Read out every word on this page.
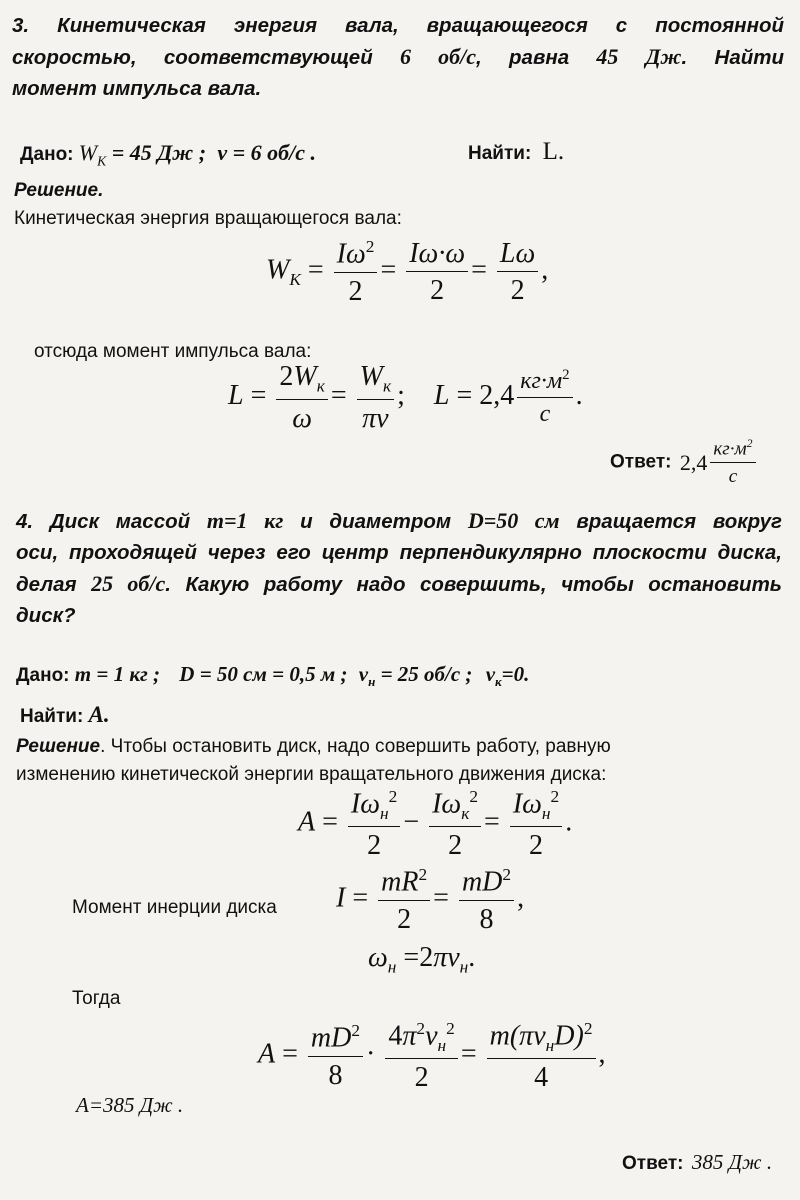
3. Кинетическая энергия вала, вращающегося с постоянной
скоростью, соответствующей 6 об/с, равна 45 Дж. Найти
момент импульса вала.
Дано: $W_К = 45$ Дж ; ν = 6 об/с .	Найти: L.
Решение.
Кинетическая энергия вращающегося вала:
$W_К = \frac{I\omega^2}{2} = \frac{I\omega\cdot\omega}{2} = \frac{L\omega}{2}$ ,
отсюда момент импульса вала:
$L = \frac{2W_к}{\omega} = \frac{W_к}{\pi\nu}$ ; $L = 2,4 \frac{кг\cdot м^2}{с}$ .
Ответ: $2,4 \frac{кг\cdot м^2}{с}$
4. Диск массой m=1 кг и диаметром D=50 см вращается вокруг
оси, проходящей через его центр перпендикулярно плоскости диска,
делая 25 об/с. Какую работу надо совершить, чтобы остановить
диск?
Дано: m = 1 кг ; D = 50 см = 0,5 м ; $\nu_н = 25$ об/с ; $\nu_к=0$.
Найти: A.
Решение. Чтобы остановить диск, надо совершить работу, равную
изменению кинетической энергии вращательного движения диска:
$A = \frac{I\omega_н^2}{2} - \frac{I\omega_к^2}{2} = \frac{I\omega_н^2}{2}$ .
Момент инерции диска $I = \frac{mR^2}{2} = \frac{mD^2}{8}$ ,
$\omega_н =2\pi\nu_н$.
Тогда
$A = \frac{mD^2}{8} \cdot \frac{4\pi^2\nu_н^2}{2} = \frac{m(\pi\nu_нD)^2}{4}$ ,
A=385 Дж .
Ответ: 385 Дж .
